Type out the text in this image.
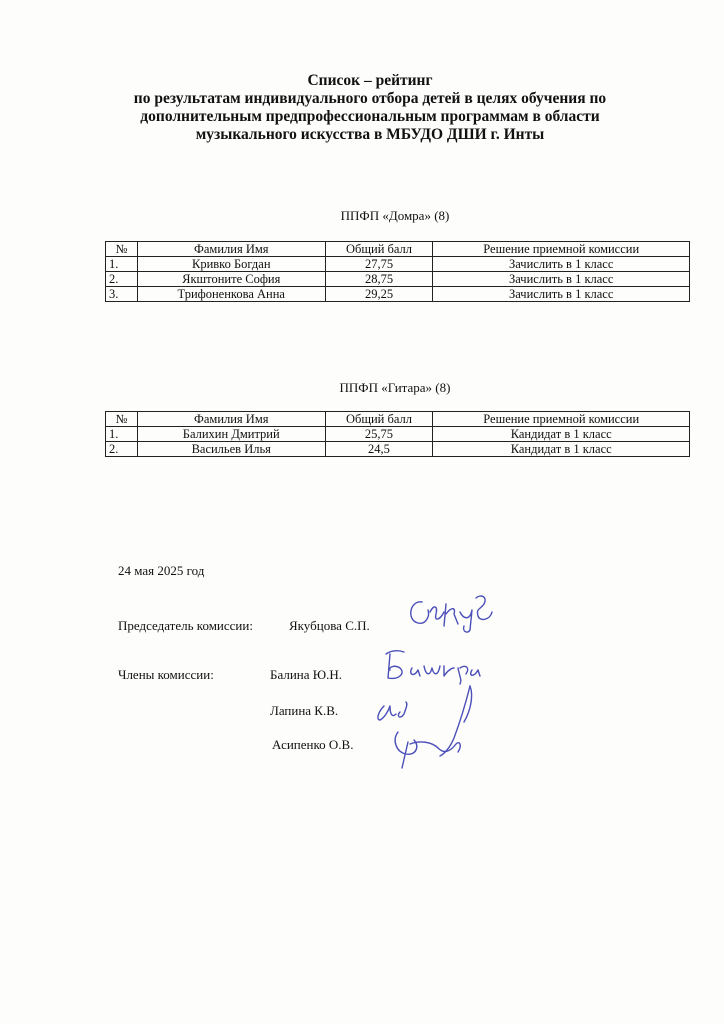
Список – рейтинг
по результатам индивидуального отбора детей в целях обучения по
дополнительным предпрофессиональным программам в области
музыкального искусства в МБУДО ДШИ г. Инты
ППФП «Домра» (8)
№	Фамилия Имя	Общий балл	Решение приемной комиссии
1.	Кривко Богдан	27,75	Зачислить в 1 класс
2.	Якштоните София	28,75	Зачислить в 1 класс
3.	Трифоненкова Анна	29,25	Зачислить в 1 класс
ППФП «Гитара» (8)
№	Фамилия Имя	Общий балл	Решение приемной комиссии
1.	Балихин Дмитрий	25,75	Кандидат в 1 класс
2.	Васильев Илья	24,5	Кандидат в 1 класс
24 мая 2025 год
Председатель комиссии:	Якубцова С.П.
Члены комиссии:	Балина Ю.Н.
Лапина К.В.
Асипенко О.В.
